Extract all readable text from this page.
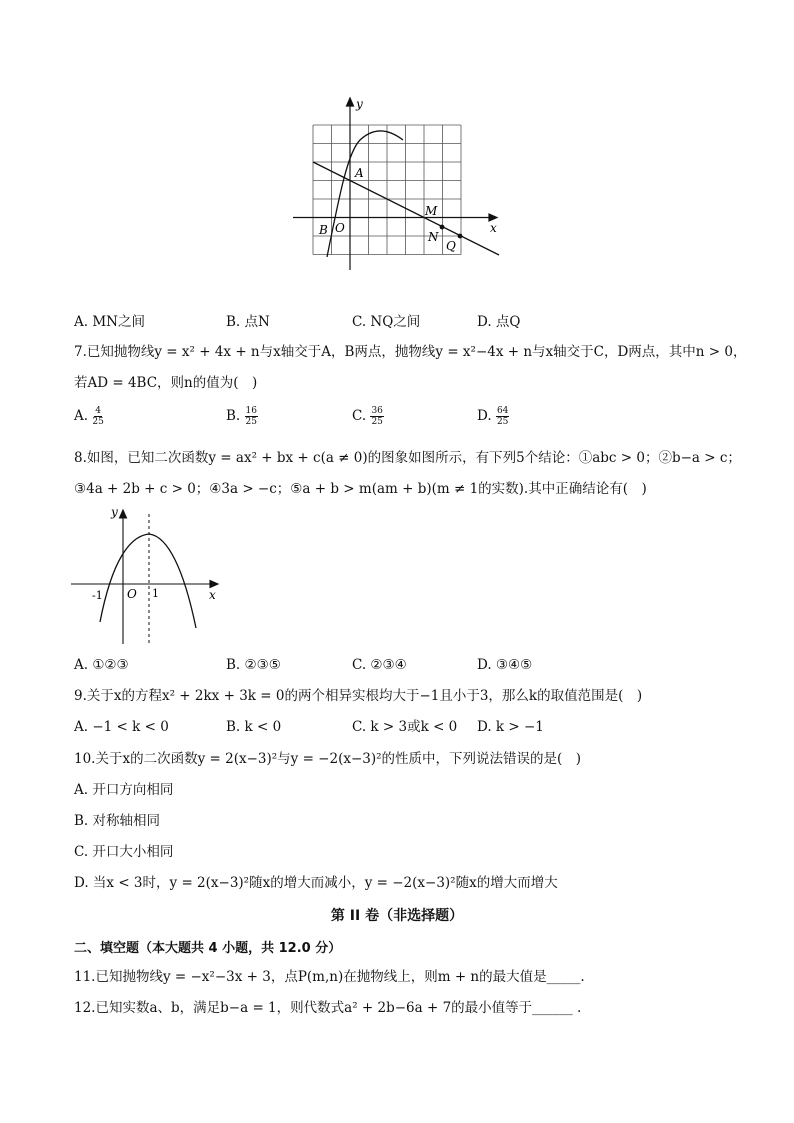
y
x
A
M
N
Q
B O
A. MN之间	B. 点N	C. NQ之间	D. 点Q
7.已知抛物线y = x² + 4x + n与x轴交于A，B两点，抛物线y = x²−4x + n与x轴交于C，D两点，其中n > 0，
若AD = 4BC，则n的值为(　)
A. $\frac{4}{25}$	B. $\frac{16}{25}$	C. $\frac{36}{25}$	D. $\frac{64}{25}$
8.如图，已知二次函数y = ax² + bx + c(a ≠ 0)的图象如图所示，有下列5个结论：①abc > 0；②b−a > c；
③4a + 2b + c > 0；④3a > −c；⑤a + b > m(am + b)(m ≠ 1的实数).其中正确结论有(　)
y
x
-1 O 1
A. ①②③	B. ②③⑤	C. ②③④	D. ③④⑤
9.关于x的方程x² + 2kx + 3k = 0的两个相异实根均大于−1且小于3，那么k的取值范围是(　)
A. −1 < k < 0	B. k < 0	C. k > 3或k < 0 D. k > −1
10.关于x的二次函数y = 2(x−3)²与y = −2(x−3)²的性质中，下列说法错误的是(　)
A. 开口方向相同
B. 对称轴相同
C. 开口大小相同
D. 当x < 3时，y = 2(x−3)²随x的增大而减小，y = −2(x−3)²随x的增大而增大
第 II 卷（非选择题）
二、填空题（本大题共 4 小题，共 12.0 分）
11.已知抛物线y = −x²−3x + 3，点P(m,n)在抛物线上，则m + n的最大值是_____.
12.已知实数a、b，满足b−a = 1，则代数式a² + 2b−6a + 7的最小值等于______ .
